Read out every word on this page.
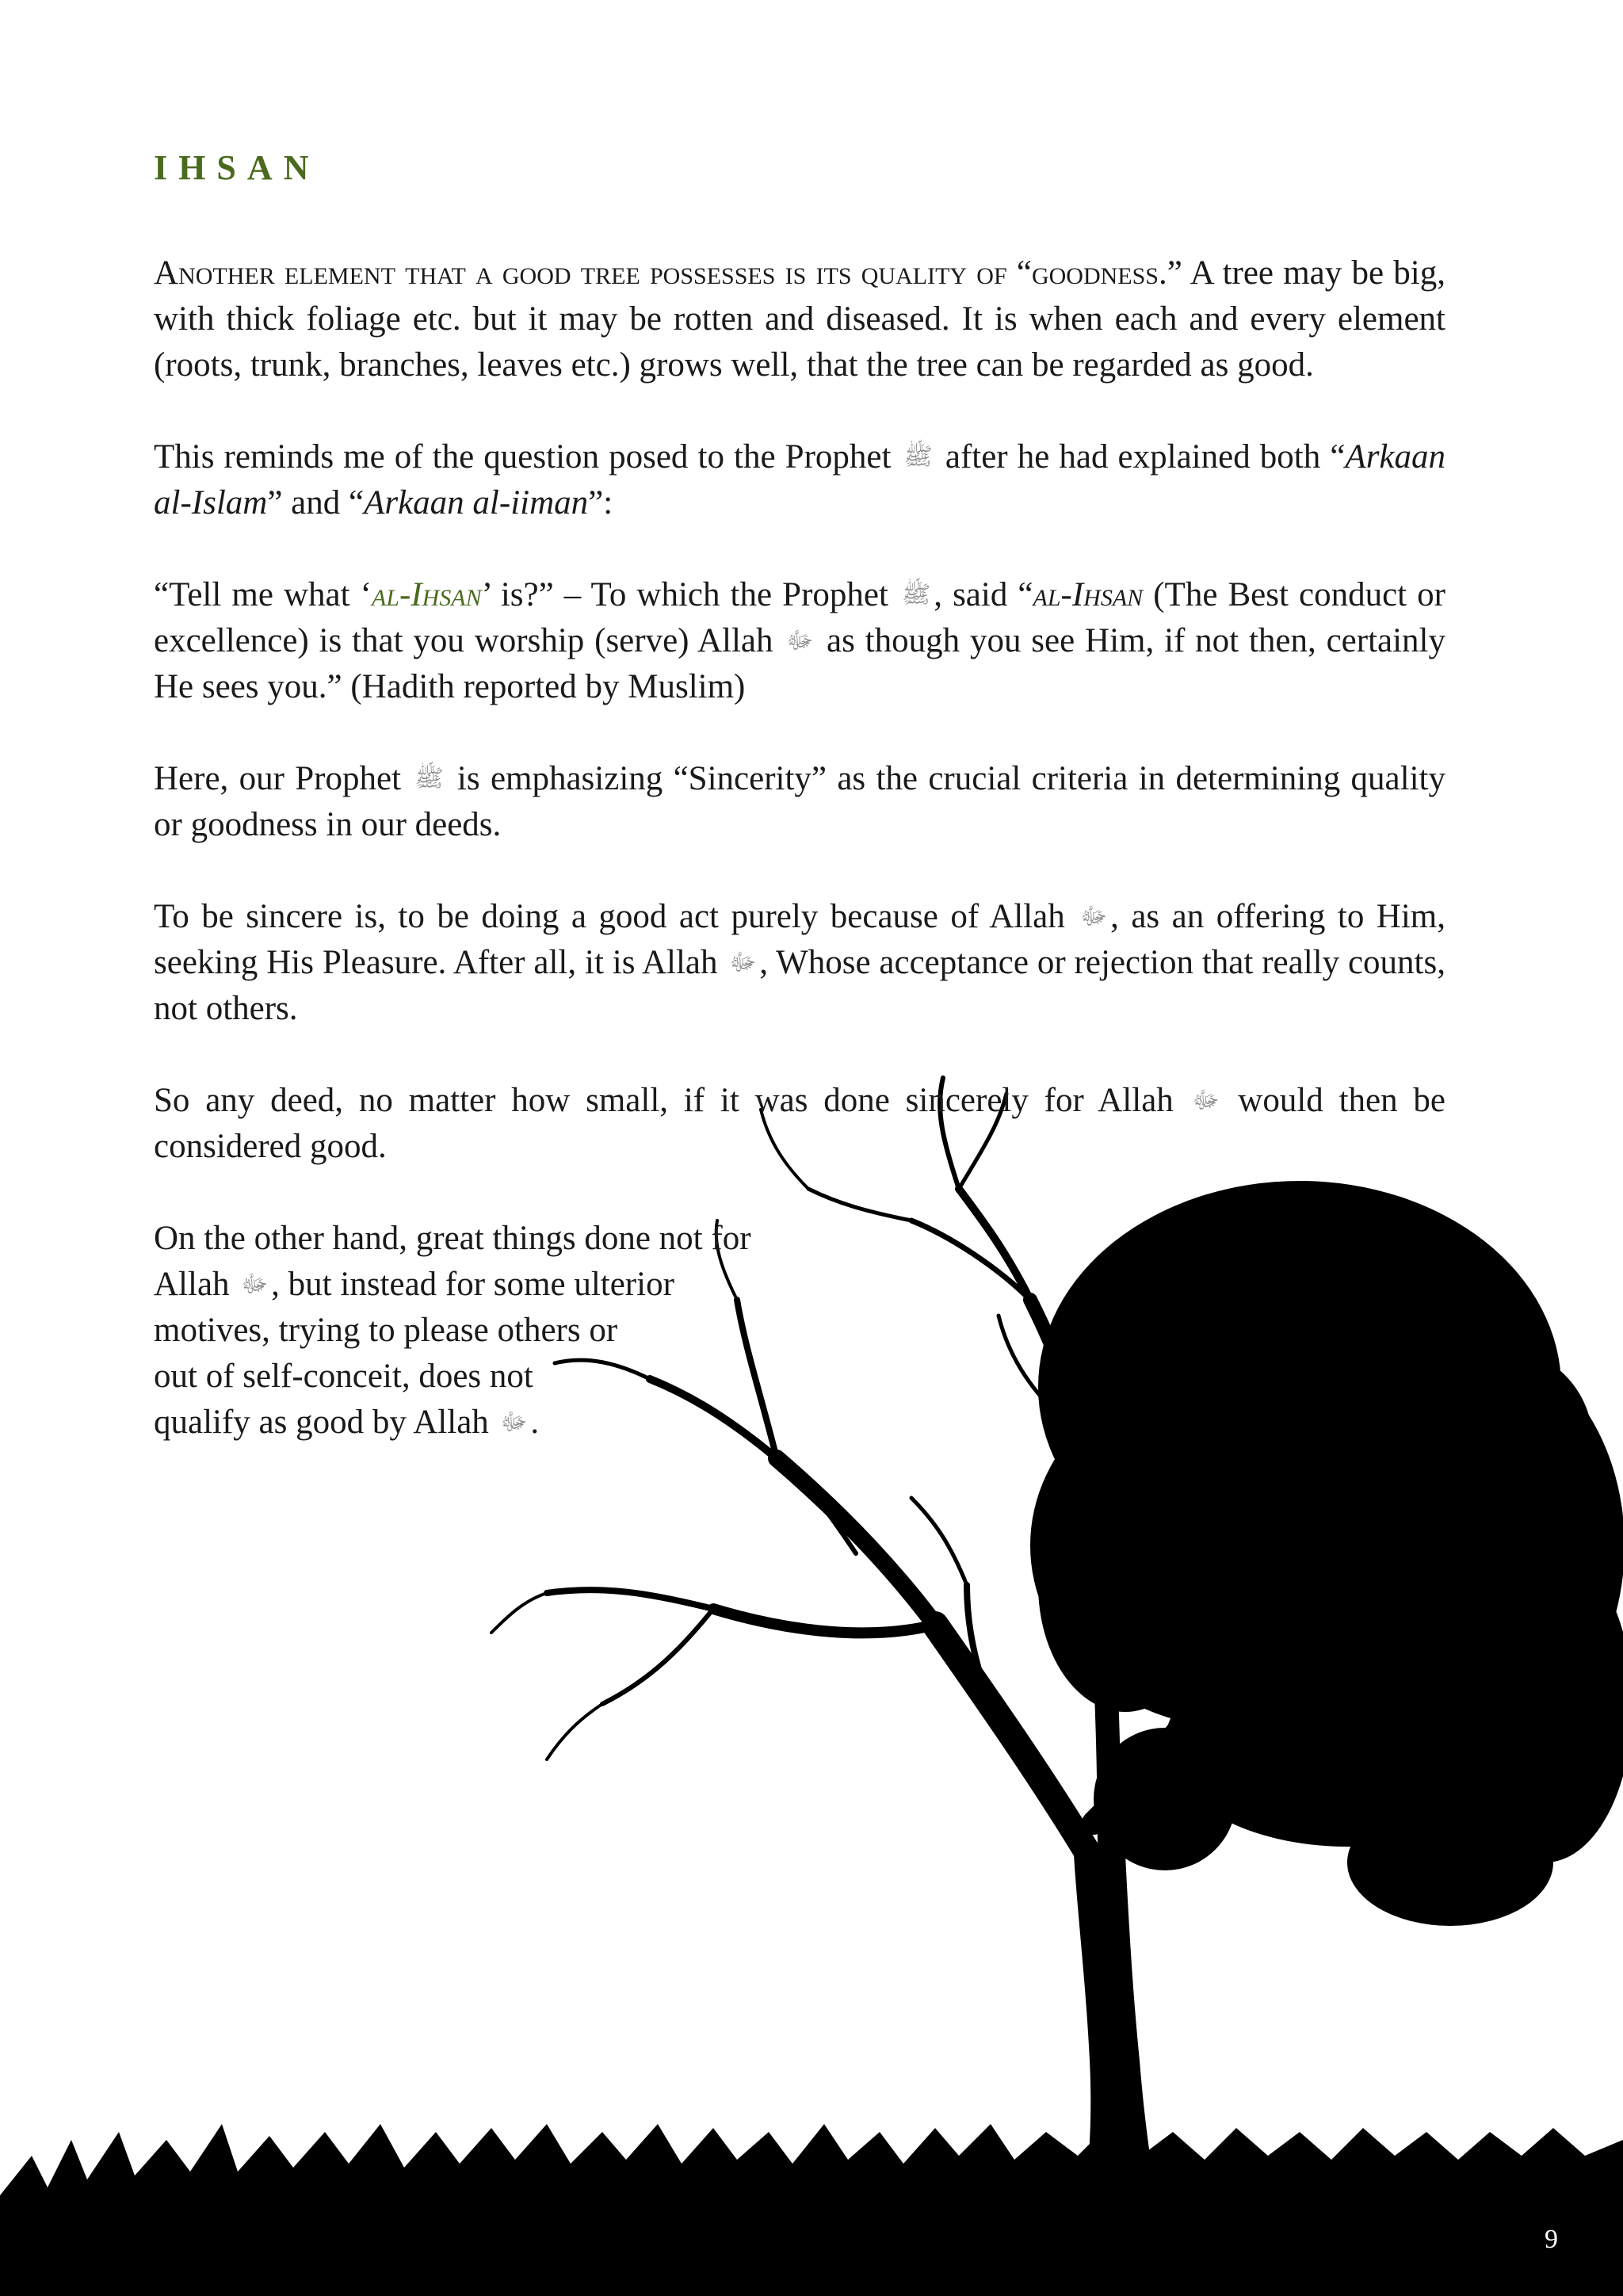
IHSAN

Another element that a good tree possesses is its quality of “goodness.” A tree may be big, with thick foliage etc. but it may be rotten and diseased. It is when each and every element (roots, trunk, branches, leaves etc.) grows well, that the tree can be regarded as good.

This reminds me of the question posed to the Prophet ﷺ after he had explained both “Arkaan al-Islam” and “Arkaan al-iiman”:

“Tell me what ‘al-Ihsan’ is?” – To which the Prophet ﷺ, said “al-Ihsan (The Best conduct or excellence) is that you worship (serve) Allah ﷻ as though you see Him, if not then, certainly He sees you.” (Hadith reported by Muslim)

Here, our Prophet ﷺ is emphasizing “Sincerity” as the crucial criteria in determining quality or goodness in our deeds.

To be sincere is, to be doing a good act purely because of Allah ﷻ, as an offering to Him, seeking His Pleasure. After all, it is Allah ﷻ, Whose acceptance or rejection that really counts, not others.

So any deed, no matter how small, if it was done sincerely for Allah ﷻ would then be considered good.

On the other hand, great things done not for
Allah ﷻ, but instead for some ulterior
motives, trying to please others or
out of self-conceit, does not
qualify as good by Allah ﷻ.

9
